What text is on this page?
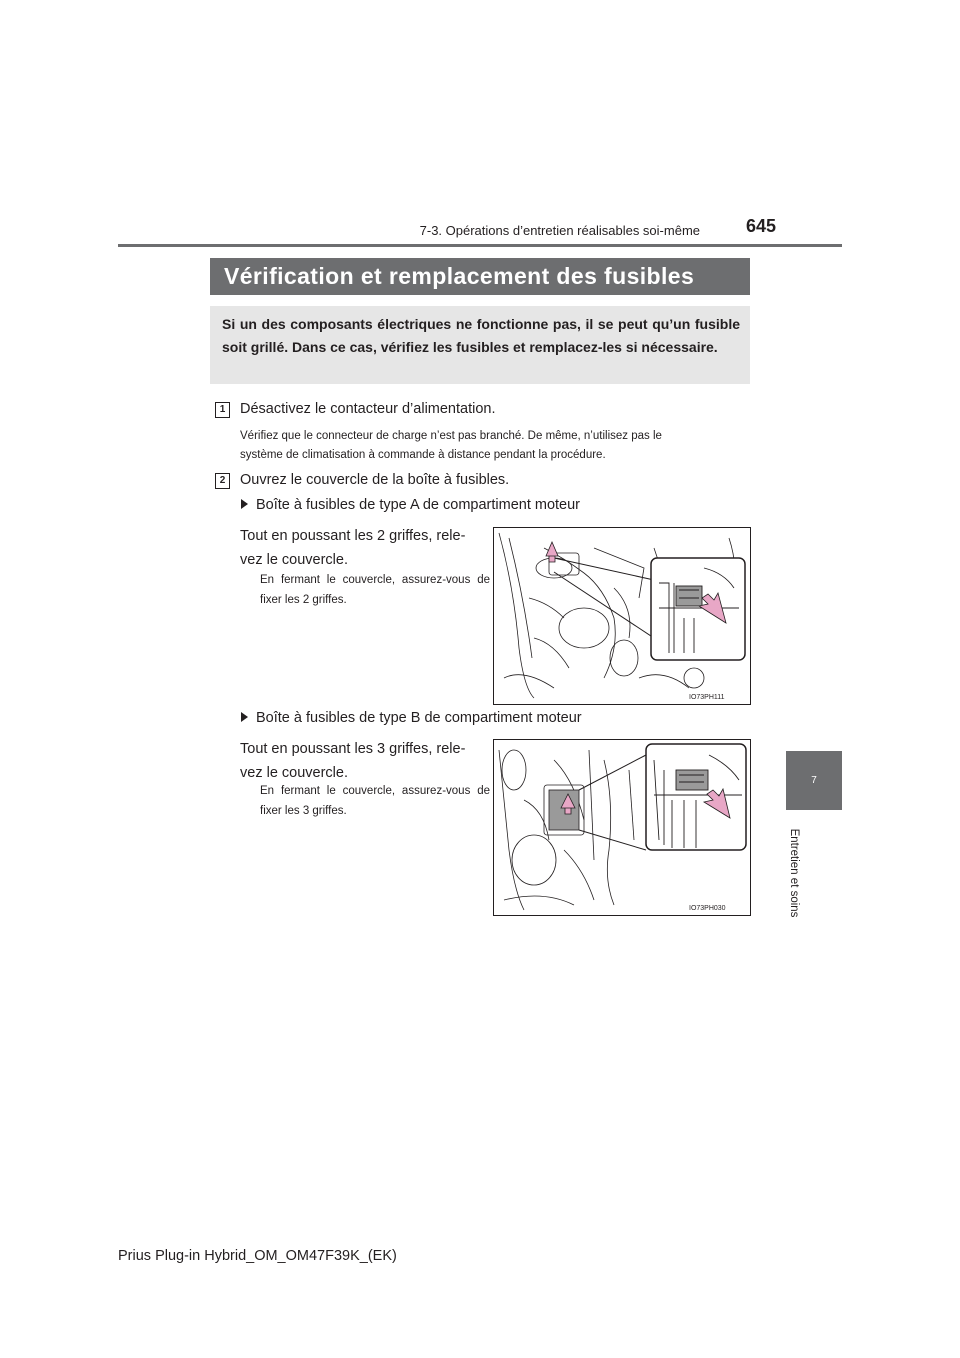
7-3. Opérations d’entretien réalisables soi-même	645
Vérification et remplacement des fusibles
Si un des composants électriques ne fonctionne pas, il se peut qu’un fusible soit grillé. Dans ce cas, vérifiez les fusibles et remplacez-les si nécessaire.
1	Désactivez le contacteur d’alimentation.
Vérifiez que le connecteur de charge n’est pas branché. De même, n’utilisez pas le
système de climatisation à commande à distance pendant la procédure.
2	Ouvrez le couvercle de la boîte à fusibles.
Boîte à fusibles de type A de compartiment moteur
Tout en poussant les 2 griffes, rele-
vez le couvercle.
En fermant le couvercle, assurez-vous de fixer les 2 griffes.
IO73PH111
Boîte à fusibles de type B de compartiment moteur
Tout en poussant les 3 griffes, rele-
vez le couvercle.
En fermant le couvercle, assurez-vous de fixer les 3 griffes.
IO73PH030
7
Entretien et soins
Prius Plug-in Hybrid_OM_OM47F39K_(EK)
